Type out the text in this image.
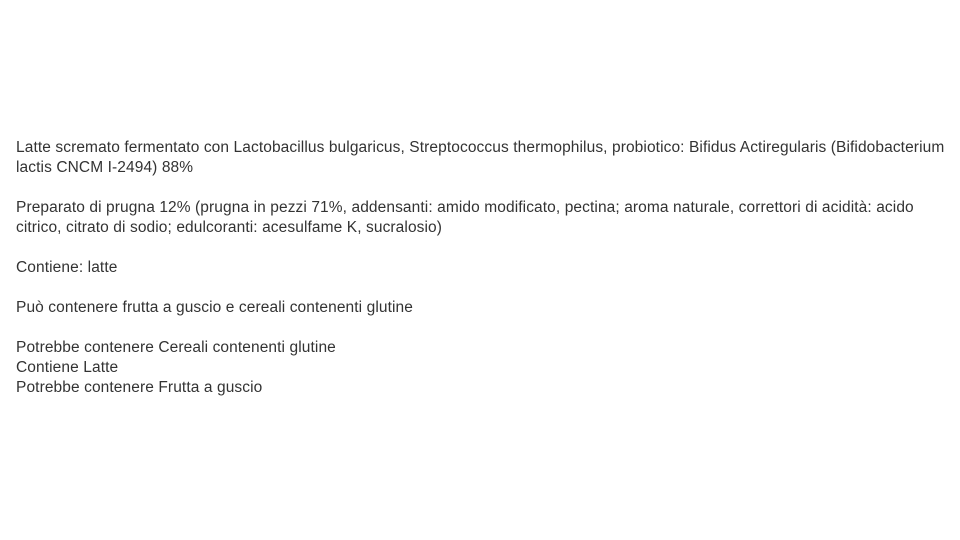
Latte scremato fermentato con Lactobacillus bulgaricus, Streptococcus thermophilus, probiotico: Bifidus Actiregularis (Bifidobacterium lactis CNCM I-2494) 88%

Preparato di prugna 12% (prugna in pezzi 71%, addensanti: amido modificato, pectina; aroma naturale, correttori di acidità: acido citrico, citrato di sodio; edulcoranti: acesulfame K, sucralosio)

Contiene: latte

Può contenere frutta a guscio e cereali contenenti glutine

Potrebbe contenere Cereali contenenti glutine
Contiene Latte
Potrebbe contenere Frutta a guscio
